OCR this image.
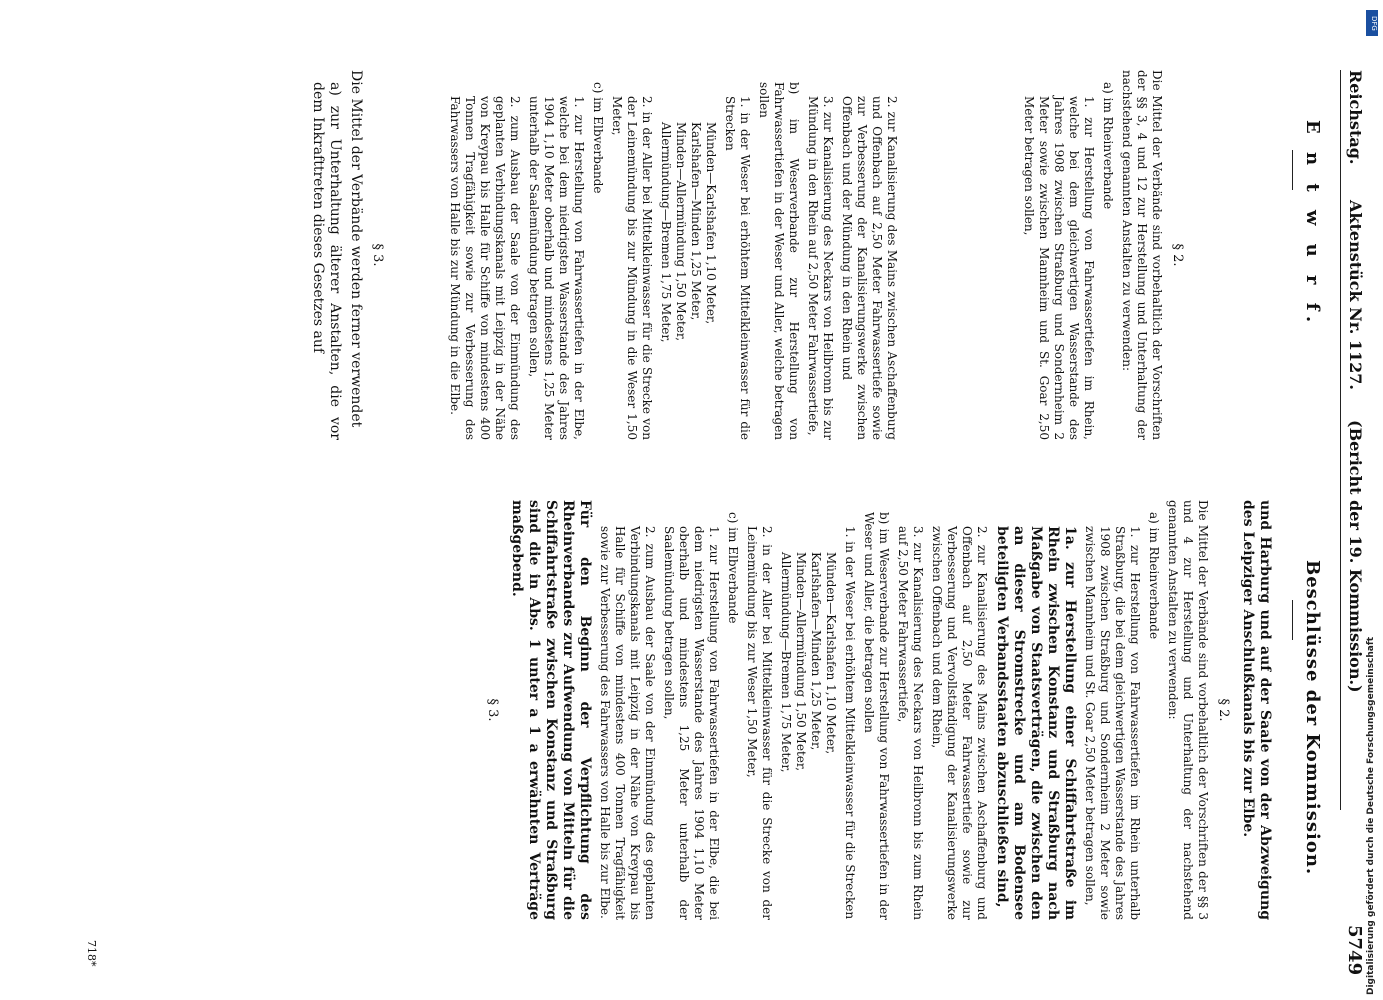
Reichstag.
Aktenstück Nr. 1127.
(Bericht der 19. Kommission.)
5749
E n t w u r f.
§ 2.

Die Mittel der Verbände sind vorbehaltlich der Vorschriften der §§ 3, 4 und 12 zur Herstellung und Unterhaltung der nachstehend genannten Anstalten zu verwenden:

a) im Rheinverbande

1. zur Herstellung von Fahrwassertiefen im Rhein, welche bei dem gleichwertigen Wasserstande des Jahres 1908 zwischen Straßburg und Sondernheim 2 Meter sowie zwischen Mannheim und St. Goar 2,50 Meter betragen sollen,

2. zur Kanalisierung des Mains zwischen Aschaffenburg und Offenbach auf 2,50 Meter Fahrwassertiefe sowie zur Verbesserung der Kanalisierungswerke zwischen Offenbach und der Mündung in den Rhein und

3. zur Kanalisierung des Neckars von Heilbronn bis zur Mündung in den Rhein auf 2,50 Meter Fahrwassertiefe,

b) im Weserverbande zur Herstellung von Fahrwassertiefen in der Weser und Aller, welche betragen sollen

1. in der Weser bei erhöhtem Mittelkleinwasser für die Strecken

Münden—Karlshafen 1,10 Meter,

Karlshafen—Minden 1,25 Meter,

Minden—Allermündung 1,50 Meter,

Allermündung—Bremen 1,75 Meter,

2. in der Aller bei Mittelkleinwasser für die Strecke von der Leinemündung bis zur Mündung in die Weser 1,50 Meter,

c) im Elbverbande

1. zur Herstellung von Fahrwassertiefen in der Elbe, welche bei dem niedrigsten Wasserstande des Jahres 1904 1,10 Meter oberhalb und mindestens 1,25 Meter unterhalb der Saalemündung betragen sollen,

2. zum Ausbau der Saale von der Einmündung des geplanten Verbindungskanals mit Leipzig in der Nähe von Kreypau bis Halle für Schiffe von mindestens 400 Tonnen Tragfähigkeit sowie zur Verbesserung des Fahrwassers von Halle bis zur Mündung in die Elbe.

§ 3.

Die Mittel der Verbände werden ferner verwendet

a) zur Unterhaltung älterer Anstalten, die vor dem Inkrafttreten dieses Gesetzes auf

Beschlüsse der Kommission.

und Harburg und auf der Saale von der Abzweigung des Leipziger Anschlußkanals bis zur Elbe.

§ 2.

Die Mittel der Verbände sind vorbehaltlich der Vorschriften der §§ 3 und 4 zur Herstellung und Unterhaltung der nachstehend genannten Anstalten zu verwenden:

a) im Rheinverbande

1. zur Herstellung von Fahrwassertiefen im Rhein unterhalb Straßburg, die bei dem gleichwertigen Wasserstande des Jahres 1908 zwischen Straßburg und Sondernheim 2 Meter sowie zwischen Mannheim und St. Goar 2,50 Meter betragen sollen,

1a. zur Herstellung einer Schiffahrtstraße im Rhein zwischen Konstanz und Straßburg nach Maßgabe von Staatsverträgen, die zwischen den an dieser Stromstrecke und am Bodensee beteiligten Verbandsstaaten abzuschließen sind,

2. zur Kanalisierung des Mains zwischen Aschaffenburg und Offenbach auf 2,50 Meter Fahrwassertiefe sowie zur Verbesserung und Vervollständigung der Kanalisierungswerke zwischen Offenbach und dem Rhein,

3. zur Kanalisierung des Neckars von Heilbronn bis zum Rhein auf 2,50 Meter Fahrwassertiefe,

b) im Weserverbande zur Herstellung von Fahrwassertiefen in der Weser und Aller, die betragen sollen

1. in der Weser bei erhöhtem Mittelkleinwasser für die Strecken

Münden—Karlshafen 1,10 Meter,

Karlshafen—Minden 1,25 Meter,

Minden—Allermündung 1,50 Meter,

Allermündung—Bremen 1,75 Meter,

2. in der Aller bei Mittelkleinwasser für die Strecke von der Leinemündung bis zur Weser 1,50 Meter,

c) im Elbverbande

1. zur Herstellung von Fahrwassertiefen in der Elbe, die bei dem niedrigsten Wasserstande des Jahres 1904 1,10 Meter oberhalb und mindestens 1,25 Meter unterhalb der Saalemündung betragen sollen,

2. zum Ausbau der Saale von der Einmündung des geplanten Verbindungskanals mit Leipzig in der Nähe von Kreypau bis Halle für Schiffe von mindestens 400 Tonnen Tragfähigkeit sowie zur Verbesserung des Fahrwassers von Halle bis zur Elbe.

Für den Beginn der Verpflichtung des Rheinverbandes zur Aufwendung von Mitteln für die Schiffahrtstraße zwischen Konstanz und Straßburg sind die in Abs. 1 unter a 1 a erwähnten Verträge maßgebend.

§ 3.
718*
DFG
Digitalisierung gefördert durch die Deutsche Forschungsgemeinschaft
